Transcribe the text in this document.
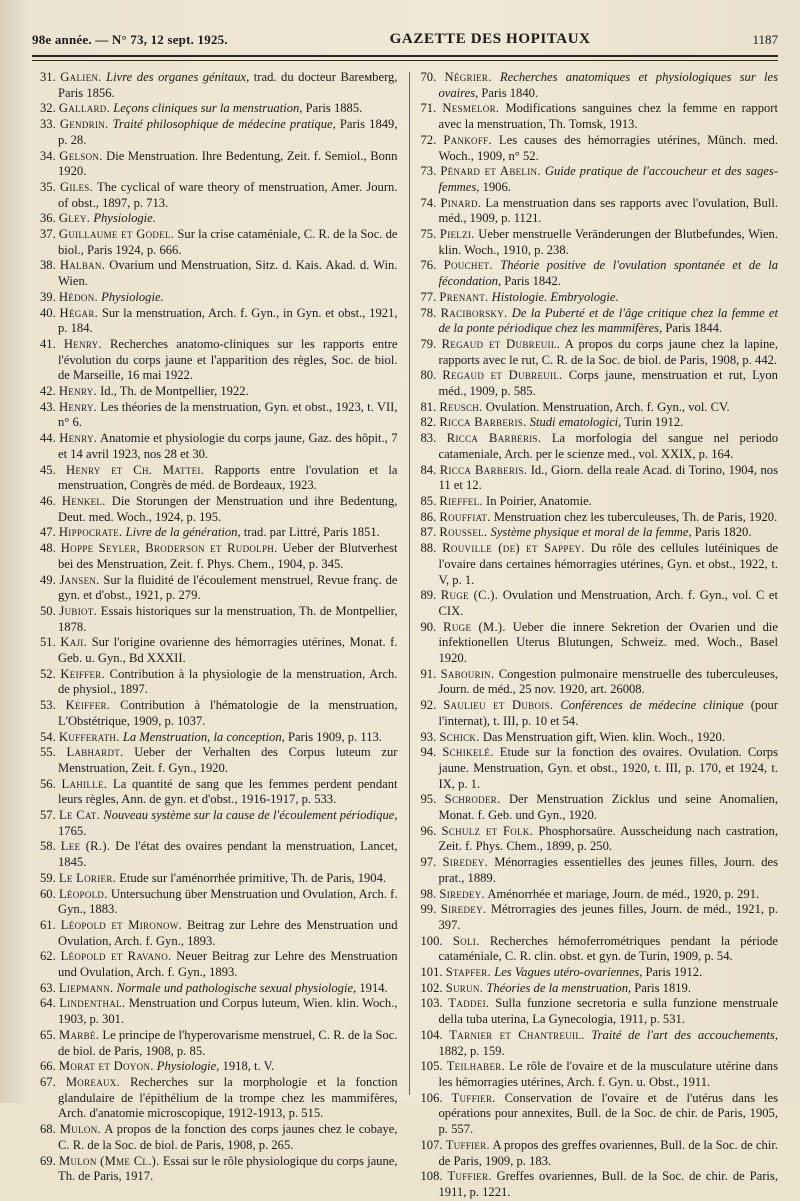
98e année. — N° 73, 12 sept. 1925.	GAZETTE DES HOPITAUX	1187

31. Galien. Livre des organes génitaux, trad. du docteur Bareмberg, Paris 1856.

32. Gallard. Leçons cliniques sur la menstruation, Paris 1885.

33. Gendrin. Traité philosophique de médecine pratique, Paris 1849, p. 28.

34. Gelson. Die Menstruation. Ihre Bedentung, Zeit. f. Semiol., Bonn 1920.

35. Giles. The cyclical of ware theory of menstruation, Amer. Journ. of obst., 1897, p. 713.

36. Gley. Physiologie.

37. Guillaume et Godel. Sur la crise cataméniale, C. R. de la Soc. de biol., Paris 1924, p. 666.

38. Halban. Ovarium und Menstruation, Sitz. d. Kais. Akad. d. Win. Wien.

39. Hédon. Physiologie.

40. Hégar. Sur la menstruation, Arch. f. Gyn., in Gyn. et obst., 1921, p. 184.

41. Henry. Recherches anatomo-cliniques sur les rapports entre l'évolution du corps jaune et l'apparition des règles, Soc. de biol. de Marseille, 16 mai 1922.

42. Henry. Id., Th. de Montpellier, 1922.

43. Henry. Les théories de la menstruation, Gyn. et obst., 1923, t. VII, n° 6.

44. Henry. Anatomie et physiologie du corps jaune, Gaz. des hôpit., 7 et 14 avril 1923, nos 28 et 30.

45. Henry et Ch. Mattei. Rapports entre l'ovulation et la menstruation, Congrès de méd. de Bordeaux, 1923.

46. Henkel. Die Storungen der Menstruation und ihre Bedentung, Deut. med. Woch., 1924, p. 195.

47. Hippocrate. Livre de la génération, trad. par Littré, Paris 1851.

48. Hoppe Seyler, Broderson et Rudolph. Ueber der Blutverhest bei des Menstruation, Zeit. f. Phys. Chem., 1904, p. 345.

49. Jansen. Sur la fluidité de l'écoulement menstruel, Revue franç. de gyn. et d'obst., 1921, p. 279.

50. Jubiot. Essais historiques sur la menstruation, Th. de Montpellier, 1878.

51. Kaji. Sur l'origine ovarienne des hémorragies utérines, Monat. f. Geb. u. Gyn., Bd XXXII.

52. Keiffer. Contribution à la physiologie de la menstruation, Arch. de physiol., 1897.

53. Keiffer. Contribution à l'hématologie de la menstruation, L'Obstétrique, 1909, p. 1037.

54. Kufferath. La Menstruation, la conception, Paris 1909, p. 113.

55. Labhardt. Ueber der Verhalten des Corpus luteum zur Menstruation, Zeit. f. Gyn., 1920.

56. Lahille. La quantité de sang que les femmes perdent pendant leurs règles, Ann. de gyn. et d'obst., 1916-1917, p. 533.

57. Le Cat. Nouveau système sur la cause de l'écoulement périodique, 1765.

58. Lee (R.). De l'état des ovaires pendant la menstruation, Lancet, 1845.

59. Le Lorier. Etude sur l'aménorrhée primitive, Th. de Paris, 1904.

60. Léopold. Untersuchung über Menstruation und Ovulation, Arch. f. Gyn., 1883.

61. Léopold et Mironow. Beitrag zur Lehre des Menstruation und Ovulation, Arch. f. Gyn., 1893.

62. Léopold et Ravano. Neuer Beitrag zur Lehre des Menstruation und Ovulation, Arch. f. Gyn., 1893.

63. Liepmann. Normale und pathologische sexual physiologie, 1914.

64. Lindenthal. Menstruation und Corpus luteum, Wien. klin. Woch., 1903, p. 301.

65. Marbé. Le principe de l'hyperovarisme menstruel, C. R. de la Soc. de biol. de Paris, 1908, p. 85.

66. Morat et Doyon. Physiologie, 1918, t. V.

67. Moreaux. Recherches sur la morphologie et la fonction glandulaire de l'épithélium de la trompe chez les mammifères, Arch. d'anatomie microscopique, 1912-1913, p. 515.

68. Mulon. A propos de la fonction des corps jaunes chez le cobaye, C. R. de la Soc. de biol. de Paris, 1908, p. 265.

69. Mulon (Mme Cl.). Essai sur le rôle physiologique du corps jaune, Th. de Paris, 1917.

70. Négrier. Recherches anatomiques et physiologiques sur les ovaires, Paris 1840.

71. Nesmelor. Modifications sanguines chez la femme en rapport avec la menstruation, Th. Tomsk, 1913.

72. Pankoff. Les causes des hémorragies utérines, Münch. med. Woch., 1909, n° 52.

73. Pénard et Abelin. Guide pratique de l'accoucheur et des sages-femmes, 1906.

74. Pinard. La menstruation dans ses rapports avec l'ovulation, Bull. méd., 1909, p. 1121.

75. Pielzi. Ueber menstruelle Veränderungen der Blutbefundes, Wien. klin. Woch., 1910, p. 238.

76. Pouchet. Théorie positive de l'ovulation spontanée et de la fécondation, Paris 1842.

77. Prenant. Histologie. Embryologie.

78. Raciborsky. De la Puberté et de l'âge critique chez la femme et de la ponte périodique chez les mammifères, Paris 1844.

79. Regaud et Dubreuil. A propos du corps jaune chez la lapine, rapports avec le rut, C. R. de la Soc. de biol. de Paris, 1908, p. 442.

80. Regaud et Dubreuil. Corps jaune, menstruation et rut, Lyon méd., 1909, p. 585.

81. Reusch. Ovulation. Menstruation, Arch. f. Gyn., vol. CV.

82. Ricca Barberis. Studi ematologici, Turin 1912.

83. Ricca Barberis. La morfologia del sangue nel periodo catameniale, Arch. per le scienze med., vol. XXIX, p. 164.

84. Ricca Barberis. Id., Giorn. della reale Acad. di Torino, 1904, nos 11 et 12.

85. Rieffel. In Poirier, Anatomie.

86. Rouffiat. Menstruation chez les tuberculeuses, Th. de Paris, 1920.

87. Roussel. Système physique et moral de la femme, Paris 1820.

88. Rouville (de) et Sappey. Du rôle des cellules lutéiniques de l'ovaire dans certaines hémorragies utérines, Gyn. et obst., 1922, t. V, p. 1.

89. Ruge (C.). Ovulation und Menstruation, Arch. f. Gyn., vol. C et CIX.

90. Ruge (M.). Ueber die innere Sekretion der Ovarien und die infektionellen Uterus Blutungen, Schweiz. med. Woch., Basel 1920.

91. Sabourin. Congestion pulmonaire menstruelle des tuberculeuses, Journ. de méd., 25 nov. 1920, art. 26008.

92. Saulieu et Dubois. Conférences de médecine clinique (pour l'internat), t. III, p. 10 et 54.

93. Schick. Das Menstruation gift, Wien. klin. Woch., 1920.

94. Schikelé. Etude sur la fonction des ovaires. Ovulation. Corps jaune. Menstruation, Gyn. et obst., 1920, t. III, p. 170, et 1924, t. IX, p. 1.

95. Schroder. Der Menstruation Zicklus und seine Anomalien, Monat. f. Geb. und Gyn., 1920.

96. Schulz et Folk. Phosphorsaüre. Ausscheidung nach castration, Zeit. f. Phys. Chem., 1899, p. 250.

97. Siredey. Ménorragies essentielles des jeunes filles, Journ. des prat., 1889.

98. Siredey. Aménorrhée et mariage, Journ. de méd., 1920, p. 291.

99. Siredey. Métrorragies des jeunes filles, Journ. de méd., 1921, p. 397.

100. Soli. Recherches hémoferrométriques pendant la période cataméniale, C. R. clin. obst. et gyn. de Turin, 1909, p. 54.

101. Stapfer. Les Vagues utéro-ovariennes, Paris 1912.

102. Surun. Théories de la menstruation, Paris 1819.

103. Taddei. Sulla funzione secretoria e sulla funzione menstruale della tuba uterina, La Gynecologia, 1911, p. 531.

104. Tarnier et Chantreuil. Traité de l'art des accouchements, 1882, p. 159.

105. Teilhaber. Le rôle de l'ovaire et de la musculature utérine dans les hémorragies utérines, Arch. f. Gyn. u. Obst., 1911.

106. Tuffier. Conservation de l'ovaire et de l'utérus dans les opérations pour annexites, Bull. de la Soc. de chir. de Paris, 1905, p. 557.

107. Tuffier. A propos des greffes ovariennes, Bull. de la Soc. de chir. de Paris, 1909, p. 183.

108. Tuffier. Greffes ovariennes, Bull. de la Soc. de chir. de Paris, 1911, p. 1221.
